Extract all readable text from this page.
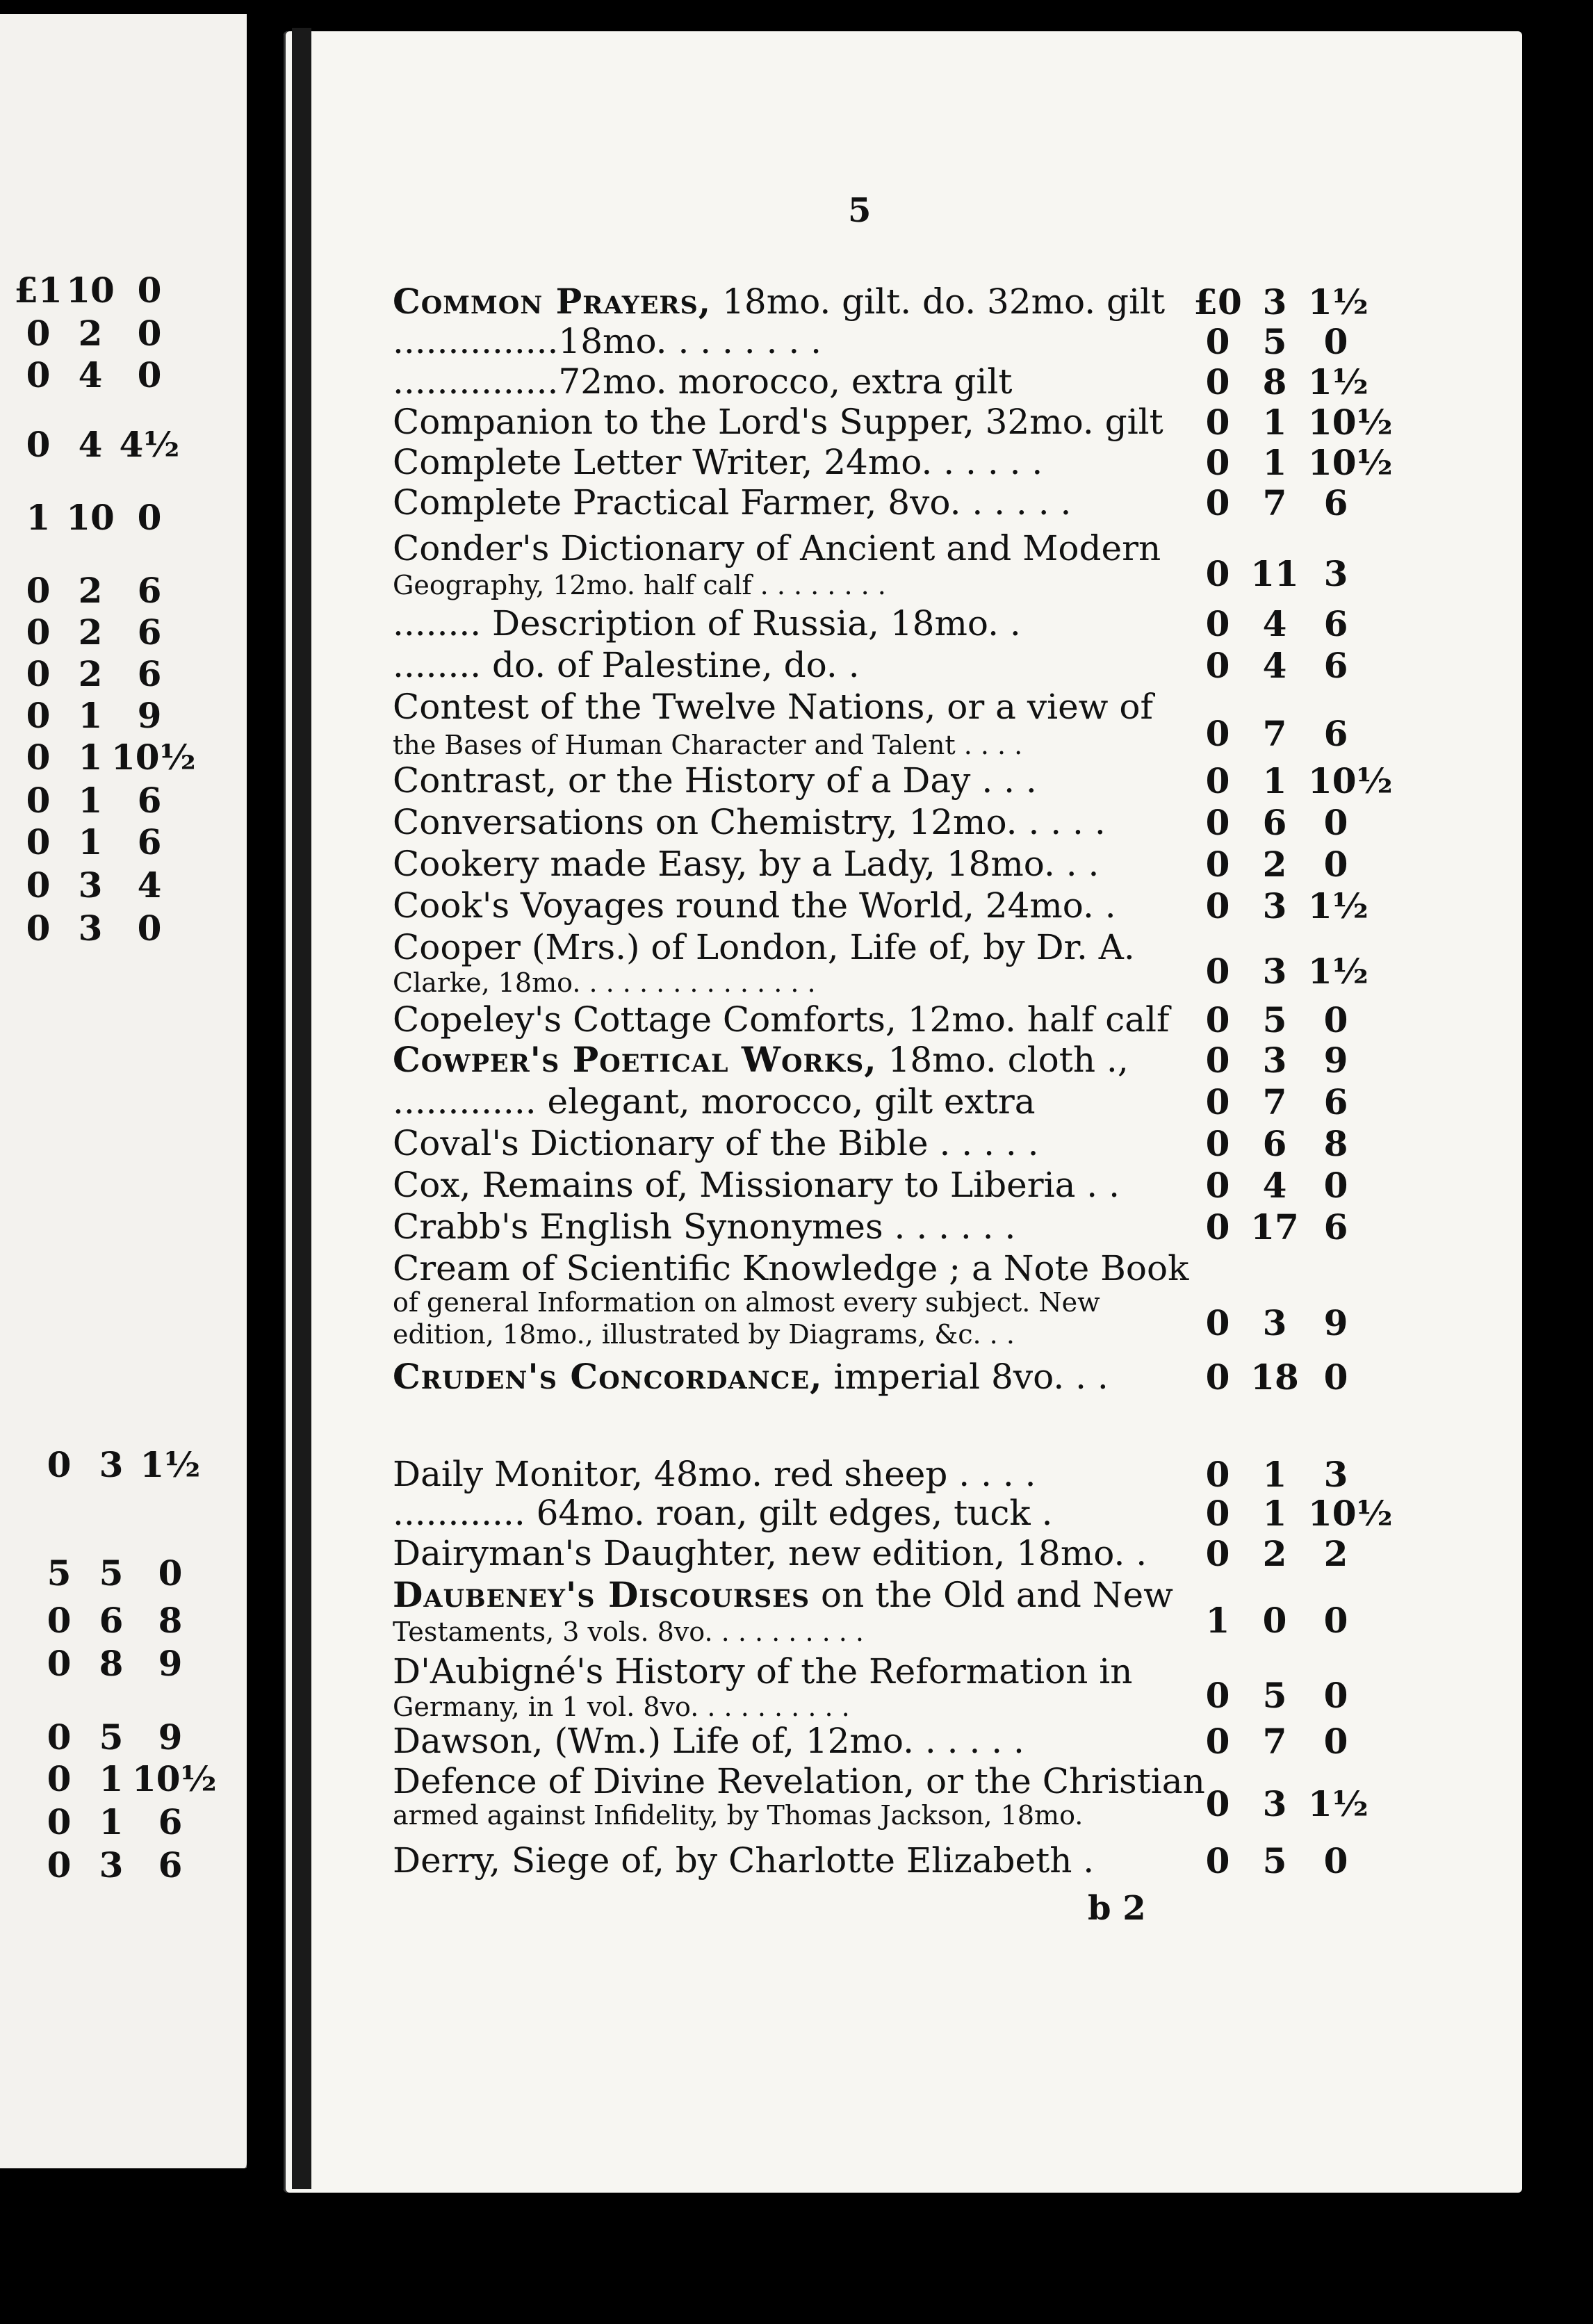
£1 10 0
0 2	0
0 4	0
0 4 4½
1 10 0
0 2	6
0 2	6
0 2	6
0 1	9
0 1 10½
0 1	6
0 1	6
0 3	4
0 3	0
0 3 1½
5 5	0
0 6	8
0 8	9
0 5	9
0 1 10½
0 1	6
0 3	6
5
Common Prayers, 18mo. gilt. do. 32mo. gilt £0 3 1½
...............18mo. . . . . . . .	0 5	0
...............72mo. morocco, extra gilt	0 8 1½
Companion to the Lord's Supper, 32mo. gilt	0 1 10½
Complete Letter Writer, 24mo. . . . . .	0 1 10½
Complete Practical Farmer, 8vo. . . . . .	0 7	6
Conder's Dictionary of Ancient and Modern
Geography, 12mo. half calf . . . . . . . .	0 11 3
........ Description of Russia, 18mo. .	0 4	6
........ do. of Palestine, do. .	0 4	6
Contest of the Twelve Nations, or a view of
the Bases of Human Character and Talent . . . .	0 7	6
Contrast, or the History of a Day . . .	0 1 10½
Conversations on Chemistry, 12mo. . . . .	0 6	0
Cookery made Easy, by a Lady, 18mo. . .	0 2	0
Cook's Voyages round the World, 24mo. .	0 3 1½
Cooper (Mrs.) of London, Life of, by Dr. A.
Clarke, 18mo. . . . . . . . . . . . . . .	0 3 1½
Copeley's Cottage Comforts, 12mo. half calf	0 5	0
Cowper's Poetical Works, 18mo. cloth .,	0 3	9
............. elegant, morocco, gilt extra	0 7	6
Coval's Dictionary of the Bible . . . . .	0 6	8
Cox, Remains of, Missionary to Liberia . .	0 4	0
Crabb's English Synonymes . . . . . .	0 17 6
Cream of Scientific Knowledge ; a Note Book
of general Information on almost every subject. New
edition, 18mo., illustrated by Diagrams, &c. . .	0 3	9
Cruden's Concordance, imperial 8vo. . .	0 18 0
Daily Monitor, 48mo. red sheep . . . .	0 1	3
............ 64mo. roan, gilt edges, tuck .	0 1 10½
Dairyman's Daughter, new edition, 18mo. .	0 2	2
Daubeney's Discourses on the Old and New
Testaments, 3 vols. 8vo. . . . . . . . . .	1 0	0
D'Aubigné's History of the Reformation in
Germany, in 1 vol. 8vo. . . . . . . . . .	0 5	0
Dawson, (Wm.) Life of, 12mo. . . . . .	0 7	0
Defence of Divine Revelation, or the Christian
armed against Infidelity, by Thomas Jackson, 18mo.	0 3 1½
Derry, Siege of, by Charlotte Elizabeth .	0 5	0
b 2
